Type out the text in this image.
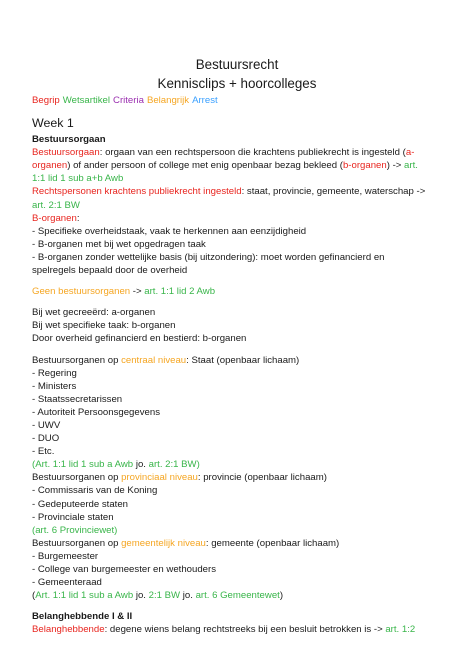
Bestuursrecht
Kennisclips + hoorcolleges
Begrip Wetsartikel Criteria Belangrijk Arrest
Week 1
Bestuursorgaan
Bestuursorgaan: orgaan van een rechtspersoon die krachtens publiekrecht is ingesteld (a-
organen) of ander persoon of college met enig openbaar bezag bekleed (b-organen) -> art.
1:1 lid 1 sub a+b Awb
Rechtspersonen krachtens publiekrecht ingesteld: staat, provincie, gemeente, waterschap ->
art. 2:1 BW
B-organen:
- Specifieke overheidstaak, vaak te herkennen aan eenzijdigheid
- B-organen met bij wet opgedragen taak
- B-organen zonder wettelijke basis (bij uitzondering): moet worden gefinancierd en
spelregels bepaald door de overheid
Geen bestuursorganen -> art. 1:1 lid 2 Awb
Bij wet gecreeërd: a-organen
Bij wet specifieke taak: b-organen
Door overheid gefinancierd en bestierd: b-organen
Bestuursorganen op centraal niveau: Staat (openbaar lichaam)
- Regering
- Ministers
- Staatssecretarissen
- Autoriteit Persoonsgegevens
- UWV
- DUO
- Etc.
(Art. 1:1 lid 1 sub a Awb jo. art. 2:1 BW)
Bestuursorganen op provinciaal niveau: provincie (openbaar lichaam)
- Commissaris van de Koning
- Gedeputeerde staten
- Provinciale staten
(art. 6 Provinciewet)
Bestuursorganen op gemeentelijk niveau: gemeente (openbaar lichaam)
- Burgemeester
- College van burgemeester en wethouders
- Gemeenteraad
(Art. 1:1 lid 1 sub a Awb jo. 2:1 BW jo. art. 6 Gemeentewet)
Belanghebbende I & II
Belanghebbende: degene wiens belang rechtstreeks bij een besluit betrokken is -> art. 1:2
